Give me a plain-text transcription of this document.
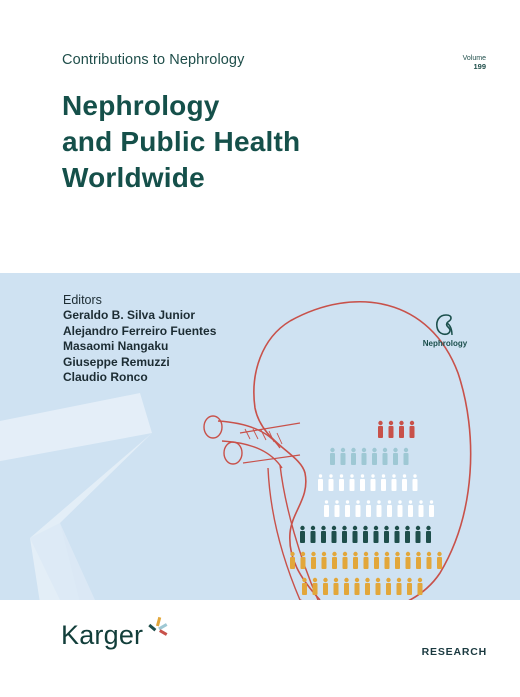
Contributions to Nephrology	Volume
199
Nephrology
and Public Health
Worldwide
Editors
Geraldo B. Silva Junior
Alejandro Ferreiro Fuentes
Masaomi Nangaku
Giuseppe Remuzzi
Claudio Ronco
Nephrology
Karger
RESEARCH
